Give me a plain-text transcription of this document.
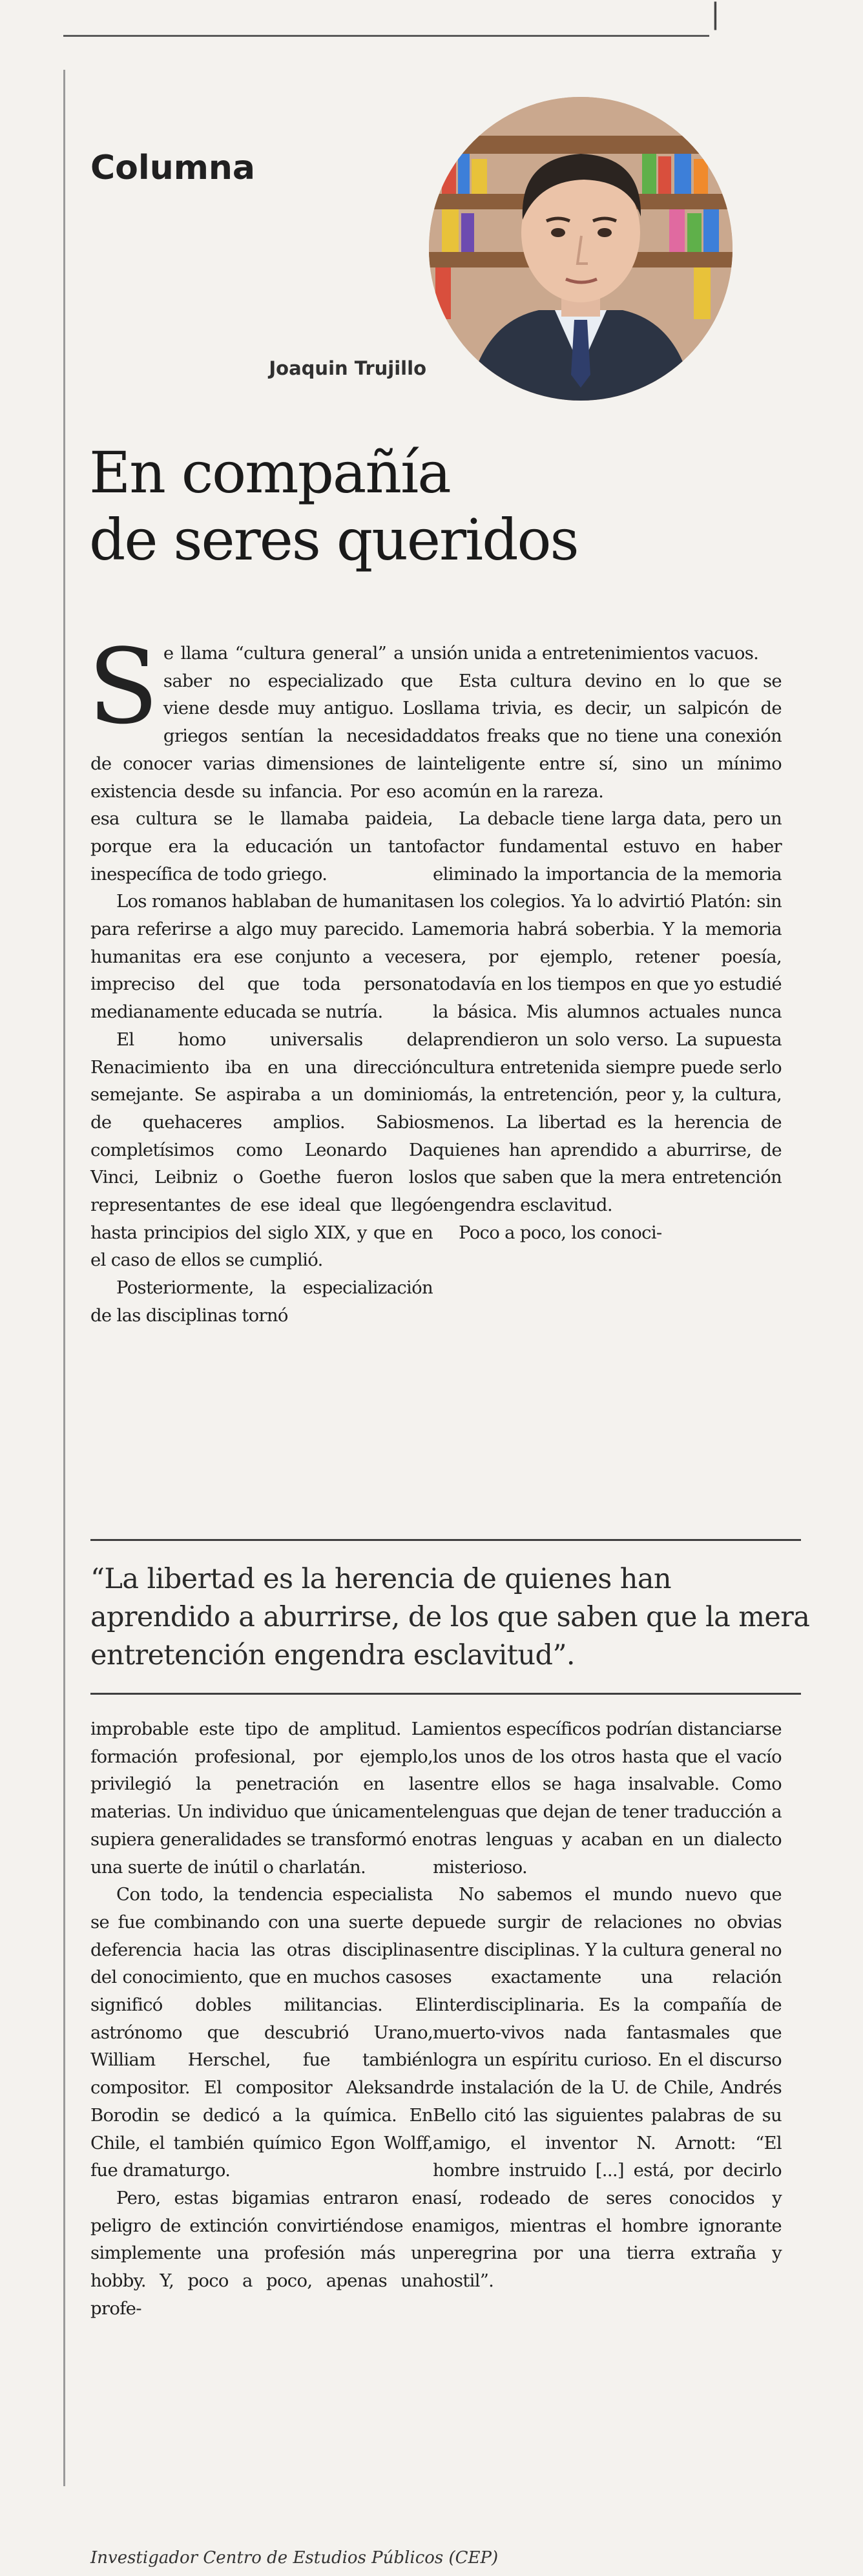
|
Columna
Joaquin Trujillo
En compañía
de seres queridos

Se llama “cultura general” a un saber no especializado que viene desde muy antiguo. Los griegos sentían la necesidad de conocer varias dimensiones de la existencia desde su infancia. Por eso a esa cultura se le llamaba paideia, porque era la educación un tanto inespecífica de todo griego.

Los romanos hablaban de humanitas para referirse a algo muy parecido. La humanitas era ese conjunto a veces impreciso del que toda persona medianamente educada se nutría.

El homo universalis del Renacimiento iba en una dirección semejante. Se aspiraba a un dominio de quehaceres amplios. Sabios completísimos como Leonardo Da Vinci, Leibniz o Goethe fueron los representantes de ese ideal que llegó hasta principios del siglo XIX, y que en el caso de ellos se cumplió.

Posteriormente, la especialización de las disciplinas tornó

sión unida a entretenimientos vacuos.

Esta cultura devino en lo que se llama trivia, es decir, un salpicón de datos freaks que no tiene una conexión inteligente entre sí, sino un mínimo común en la rareza.

La debacle tiene larga data, pero un factor fundamental estuvo en haber eliminado la importancia de la memoria en los colegios. Ya lo advirtió Platón: sin memoria habrá soberbia. Y la memoria era, por ejemplo, retener poesía, todavía en los tiempos en que yo estudié la básica. Mis alumnos actuales nunca aprendieron un solo verso. La supuesta cultura entretenida siempre puede serlo más, la entretención, peor y, la cultura, menos. La libertad es la herencia de quienes han aprendido a aburrirse, de los que saben que la mera entretención engendra esclavitud.

Poco a poco, los conoci-

“La libertad es la herencia de quienes han aprendido a aburrirse, de los que saben que la mera entretención engendra esclavitud”.

improbable este tipo de amplitud. La formación profesional, por ejemplo, privilegió la penetración en las materias. Un individuo que únicamente supiera generalidades se transformó en una suerte de inútil o charlatán.

Con todo, la tendencia especialista se fue combinando con una suerte de deferencia hacia las otras disciplinas del conocimiento, que en muchos casos significó dobles militancias. El astrónomo que descubrió Urano, William Herschel, fue también compositor. El compositor Aleksandr Borodin se dedicó a la química. En Chile, el también químico Egon Wolff, fue dramaturgo.

Pero, estas bigamias entraron en peligro de extinción convirtiéndose en simplemente una profesión más un hobby. Y, poco a poco, apenas una profe-

mientos específicos podrían distanciarse los unos de los otros hasta que el vacío entre ellos se haga insalvable. Como lenguas que dejan de tener traducción a otras lenguas y acaban en un dialecto misterioso.

No sabemos el mundo nuevo que puede surgir de relaciones no obvias entre disciplinas. Y la cultura general no es exactamente una relación interdisciplinaria. Es la compañía de muerto-vivos nada fantasmales que logra un espíritu curioso. En el discurso de instalación de la U. de Chile, Andrés Bello citó las siguientes palabras de su amigo, el inventor N. Arnott: “El hombre instruido [...] está, por decirlo así, rodeado de seres conocidos y amigos, mientras el hombre ignorante peregrina por una tierra extraña y hostil”.

Investigador Centro de Estudios Públicos (CEP)
